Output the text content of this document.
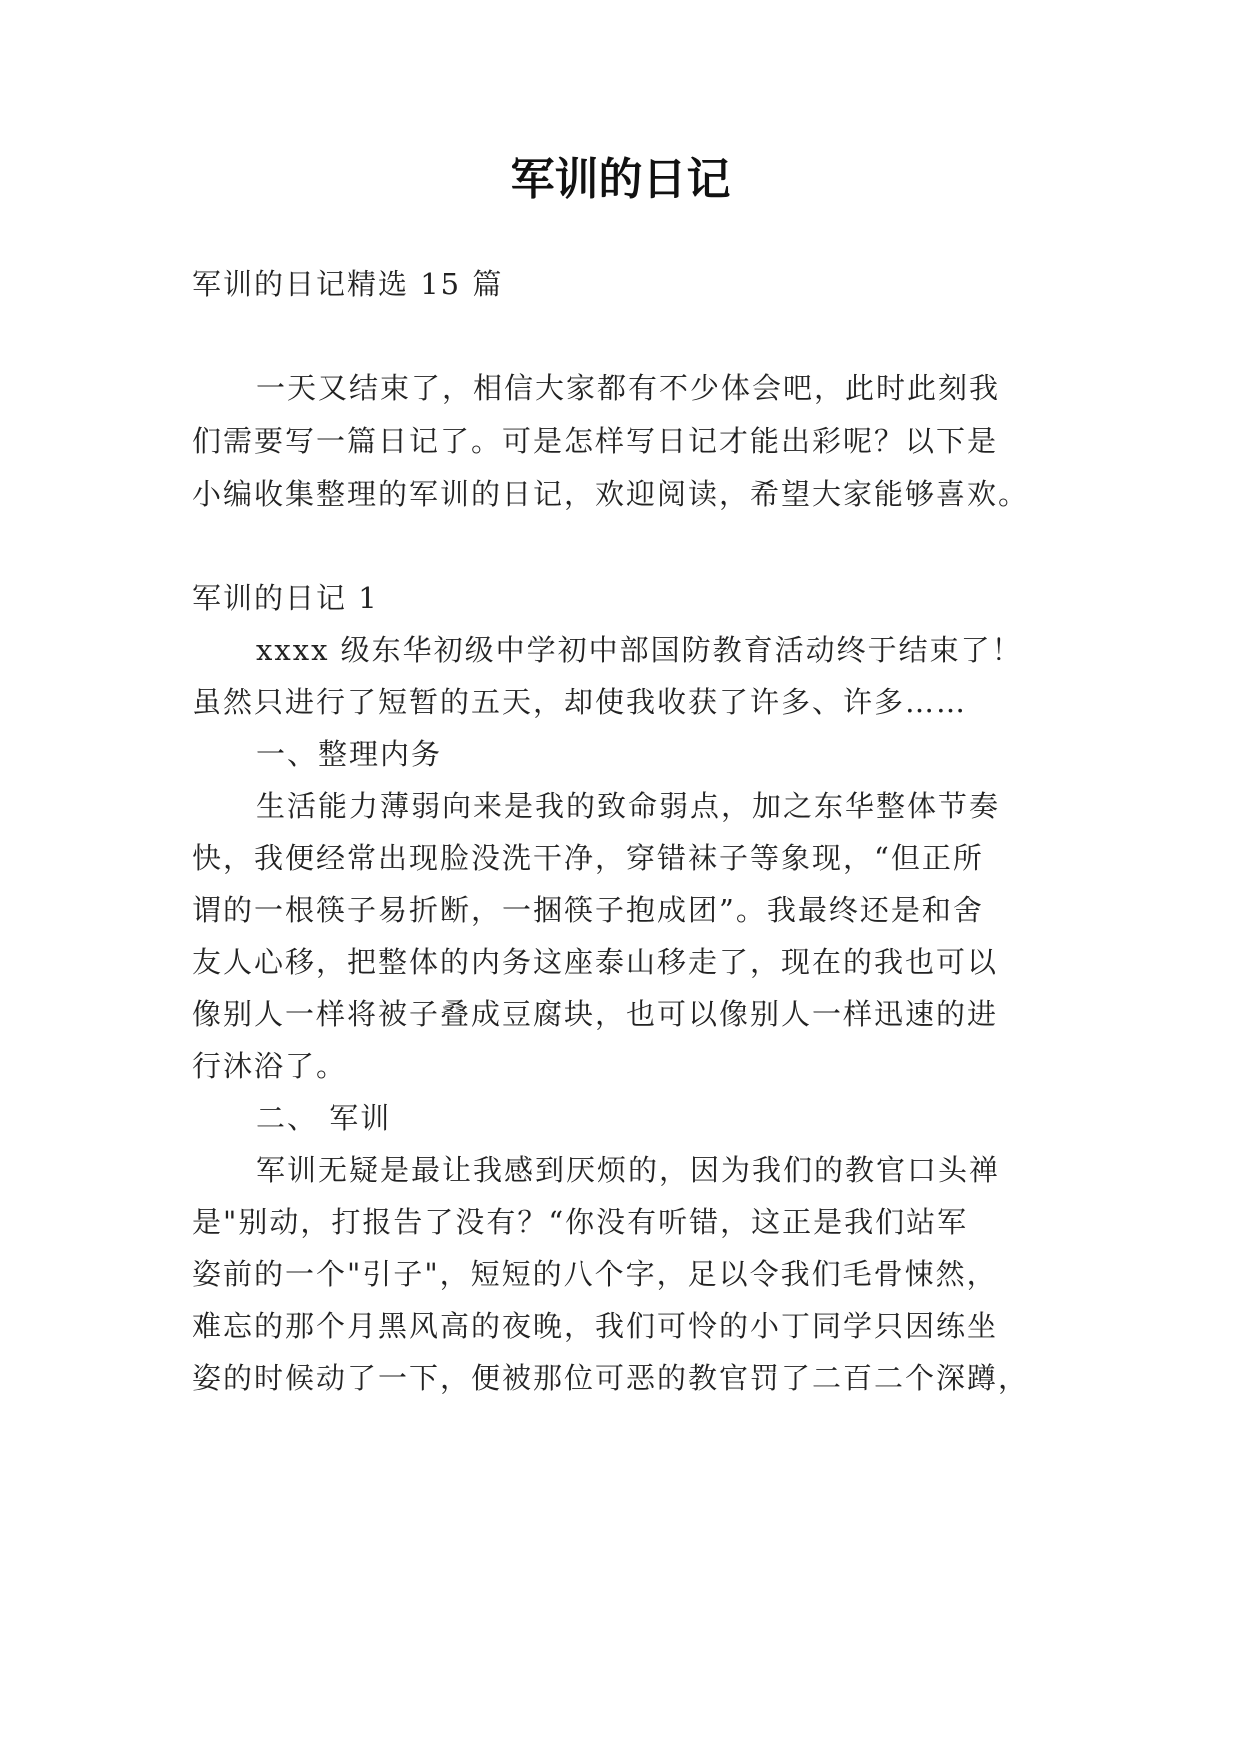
军训的日记
军训的日记精选 15 篇
一天又结束了，相信大家都有不少体会吧，此时此刻我
们需要写一篇日记了。可是怎样写日记才能出彩呢？以下是
小编收集整理的军训的日记，欢迎阅读，希望大家能够喜欢。
军训的日记 1
xxxx 级东华初级中学初中部国防教育活动终于结束了！
虽然只进行了短暂的五天，却使我收获了许多、许多……
一、整理内务
生活能力薄弱向来是我的致命弱点，加之东华整体节奏
快，我便经常出现脸没洗干净，穿错袜子等象现，“但正所
谓的一根筷子易折断，一捆筷子抱成团”。我最终还是和舍
友人心移，把整体的内务这座泰山移走了，现在的我也可以
像别人一样将被子叠成豆腐块，也可以像别人一样迅速的进
行沐浴了。
二、 军训
军训无疑是最让我感到厌烦的，因为我们的教官口头禅
是"别动，打报告了没有？“你没有听错，这正是我们站军
姿前的一个"引子"，短短的八个字，足以令我们毛骨悚然，
难忘的那个月黑风高的夜晚，我们可怜的小丁同学只因练坐
姿的时候动了一下，便被那位可恶的教官罚了二百二个深蹲，
